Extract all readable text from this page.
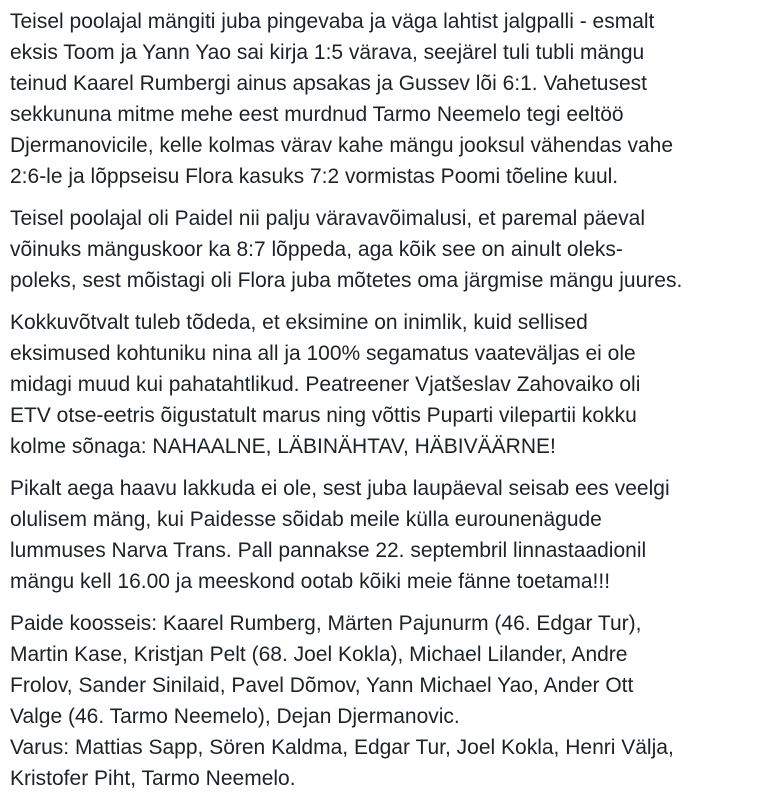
Teisel poolajal mängiti juba pingevaba ja väga lahtist jalgpalli - esmalt
eksis Toom ja Yann Yao sai kirja 1:5 värava, seejärel tuli tubli mängu
teinud Kaarel Rumbergi ainus apsakas ja Gussev lõi 6:1. Vahetusest
sekkununa mitme mehe eest murdnud Tarmo Neemelo tegi eeltöö
Djermanovicile, kelle kolmas värav kahe mängu jooksul vähendas vahe
2:6-le ja lõppseisu Flora kasuks 7:2 vormistas Poomi tõeline kuul.

Teisel poolajal oli Paidel nii palju väravavõimalusi, et paremal päeval
võinuks mänguskoor ka 8:7 lõppeda, aga kõik see on ainult oleks-
poleks, sest mõistagi oli Flora juba mõtetes oma järgmise mängu juures.

Kokkuvõtvalt tuleb tõdeda, et eksimine on inimlik, kuid sellised
eksimused kohtuniku nina all ja 100% segamatus vaateväljas ei ole
midagi muud kui pahatahtlikud. Peatreener Vjatšeslav Zahovaiko oli
ETV otse-eetris õigustatult marus ning võttis Puparti vilepartii kokku
kolme sõnaga: NAHAALNE, LÄBINÄHTAV, HÄBIVÄÄRNE!

Pikalt aega haavu lakkuda ei ole, sest juba laupäeval seisab ees veelgi
olulisem mäng, kui Paidesse sõidab meile külla eurounenägude
lummuses Narva Trans. Pall pannakse 22. septembril linnastaadionil
mängu kell 16.00 ja meeskond ootab kõiki meie fänne toetama!!!

Paide koosseis: Kaarel Rumberg, Märten Pajunurm (46. Edgar Tur),
Martin Kase, Kristjan Pelt (68. Joel Kokla), Michael Lilander, Andre
Frolov, Sander Sinilaid, Pavel Dõmov, Yann Michael Yao, Ander Ott
Valge (46. Tarmo Neemelo), Dejan Djermanovic.
Varus: Mattias Sapp, Sören Kaldma, Edgar Tur, Joel Kokla, Henri Välja,
Kristofer Piht, Tarmo Neemelo.
